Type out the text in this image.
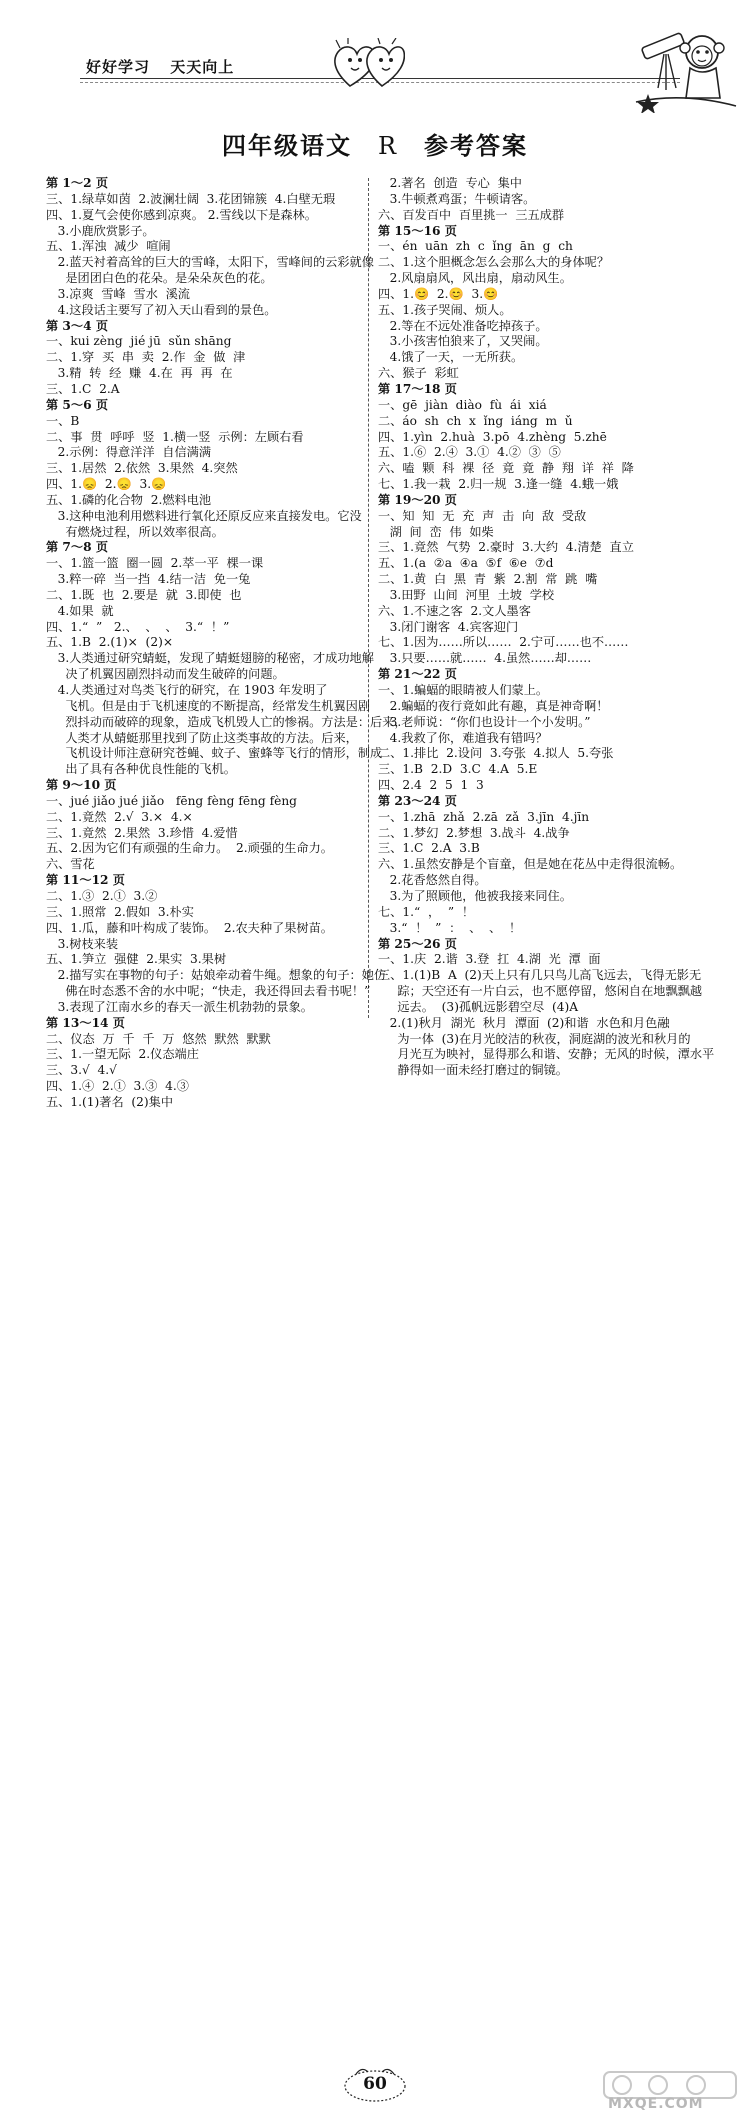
好好学习 天天向上
四年级语文 R 参考答案
第 1～2 页
三、1.绿草如茵  2.波澜壮阔  3.花团锦簇  4.白壁无瑕
四、1.夏气会使你感到凉爽。 2.雪线以下是森林。
3.小鹿欣赏影子。
五、1.浑浊  减少  喧闹
2.蓝天衬着高耸的巨大的雪峰，太阳下，雪峰间的云彩就像
是团团白色的花朵。是朵朵灰色的花。
3.凉爽  雪峰  雪水  溪流
4.这段话主要写了初入天山看到的景色。
第 3～4 页
一、kui zèng  jié jū  sǔn shāng
二、1.穿  买  串  卖  2.作  金  做  津
3.精  转  经  赚  4.在  再  再  在
三、1.C  2.A
第 5～6 页
一、B
二、事  贯  呼呼  竖  1.横一竖  示例：左顾右看
2.示例：得意洋洋  自信满满
三、1.居然  2.依然  3.果然  4.突然
四、1.😞  2.😞  3.😞
五、1.磷的化合物  2.燃料电池
3.这种电池利用燃料进行氧化还原反应来直接发电。它没
有燃烧过程，所以效率很高。
第 7～8 页
一、1.篮一篮  圈一圆  2.萃一平  棵一课
3.粹一碎  当一挡  4.结一洁  免一兔
二、1.既  也  2.要是  就  3.即使  也
4.如果  就
四、1.“  ”   2.、  、  、  3.“  ！”
五、1.B  2.(1)×  (2)×
3.人类通过研究蜻蜓，发现了蜻蜓翅膀的秘密，才成功地解
决了机翼因剧烈抖动而发生破碎的问题。
4.人类通过对鸟类飞行的研究，在 1903 年发明了
飞机。但是由于飞机速度的不断提高，经常发生机翼因剧
烈抖动而破碎的现象，造成飞机毁人亡的惨祸。方法是：后来，
人类才从蜻蜓那里找到了防止这类事故的方法。后来，
飞机设计师注意研究苍蝇、蚊子、蜜蜂等飞行的情形，制成
出了具有各种优良性能的飞机。
第 9～10 页
一、jué jiǎo jué jiǎo   fēng fèng fēng fèng
二、1.竟然  2.√  3.×  4.×
三、1.竟然  2.果然  3.珍惜  4.爱惜
五、2.因为它们有顽强的生命力。  2.顽强的生命力。
六、雪花
第 11～12 页
二、1.③  2.①  3.②
三、1.照常  2.假如  3.朴实
四、1.瓜，藤和叶构成了装饰。  2.农夫种了果树苗。
3.树枝来装
五、1.笋立  强健  2.果实  3.果树
2.描写实在事物的句子：姑娘牵动着牛绳。想象的句子：她仿
佛在时态悉不舍的水中呢；“快走，我还得回去看书呢！”
3.表现了江南水乡的春天一派生机勃勃的景象。
第 13～14 页
二、仪态  万  千  千  万  悠然  默然  默默
三、1.一望无际  2.仪态端庄
三、3.√  4.√
四、1.④  2.①  3.③  4.③
五、1.(1)著名  (2)集中
2.著名  创造  专心  集中
3.牛顿煮鸡蛋；牛顿请客。
六、百发百中  百里挑一  三五成群
第 15～16 页
一、én  uān  zh  c  ǐng  ān  g  ch
二、1.这个胆概念怎么会那么大的身体呢？
2.风扇扇风，风出扇，扇动风生。
四、1.😊  2.😊  3.😊
五、1.孩子哭闹、烦人。
2.等在不远处准备吃掉孩子。
3.小孩害怕狼来了，又哭闹。
4.饿了一天，一无所获。
六、猴子  彩虹
第 17～18 页
一、gē  jiàn  diào  fù  ái  xiá
二、áo  sh  ch  x  ǐng  iáng  m  ǔ
四、1.yìn  2.huà  3.pō  4.zhèng  5.zhē
五、1.⑥  2.④  3.①  4.②  ③  ⑤
六、嗑  颗  科  裸  径  竟  竟  静  翔  详  祥  降
七、1.我一栽  2.归一规  3.逢一缝  4.蛾一娥
第 19～20 页
一、知  知  无  充  声  击  向  敌  受敌
湖  间  峦  伟  如柴
三、1.竟然  气势  2.豪时  3.大约  4.清楚  直立
五、1.(a  ②a  ④a  ⑤f  ⑥e  ⑦d
二、1.黄  白  黑  青  紫  2.割  常  跳  嘴
3.田野  山间  河里  土坡  学校
六、1.不速之客  2.文人墨客
3.闭门谢客  4.宾客迎门
七、1.因为……所以……  2.宁可……也不……
3.只要……就……  4.虽然……却……
第 21～22 页
一、1.蝙蝠的眼睛被人们蒙上。
2.蝙蝠的夜行竟如此有趣，真是神奇啊！
3.老师说：“你们也设计一个小发明。”
4.我救了你，难道我有错吗？
二、1.排比  2.设问  3.夸张  4.拟人  5.夸张
三、1.B  2.D  3.C  4.A  5.E
四、2.4  2  5  1  3
第 23～24 页
一、1.zhā  zhǎ  2.zā  zǎ  3.jīn  4.jīn
二、1.梦幻  2.梦想  3.战斗  4.战争
三、1.C  2.A  3.B
六、1.虽然安静是个盲童，但是她在花丛中走得很流畅。
2.花香悠然自得。
3.为了照顾他，他被我接来同住。
七、1.“  ，  ”  ！
3.“  ！  ”  ：  、  、  ！
第 25～26 页
一、1.庆  2.谐  3.登  扛  4.湖  光  潭  面
三、1.(1)B  A  (2)天上只有几只鸟儿高飞远去，飞得无影无
踪；天空还有一片白云，也不愿停留，悠闲自在地飘飘越
远去。  (3)孤帆远影碧空尽  (4)A
2.(1)秋月  湖光  秋月  潭面  (2)和谐  水色和月色融
为一体  (3)在月光皎洁的秋夜，洞庭湖的波光和秋月的
月光互为映衬，显得那么和谐、安静；无风的时候，潭水平
静得如一面未经打磨过的铜镜。
60
MXQE.COM
